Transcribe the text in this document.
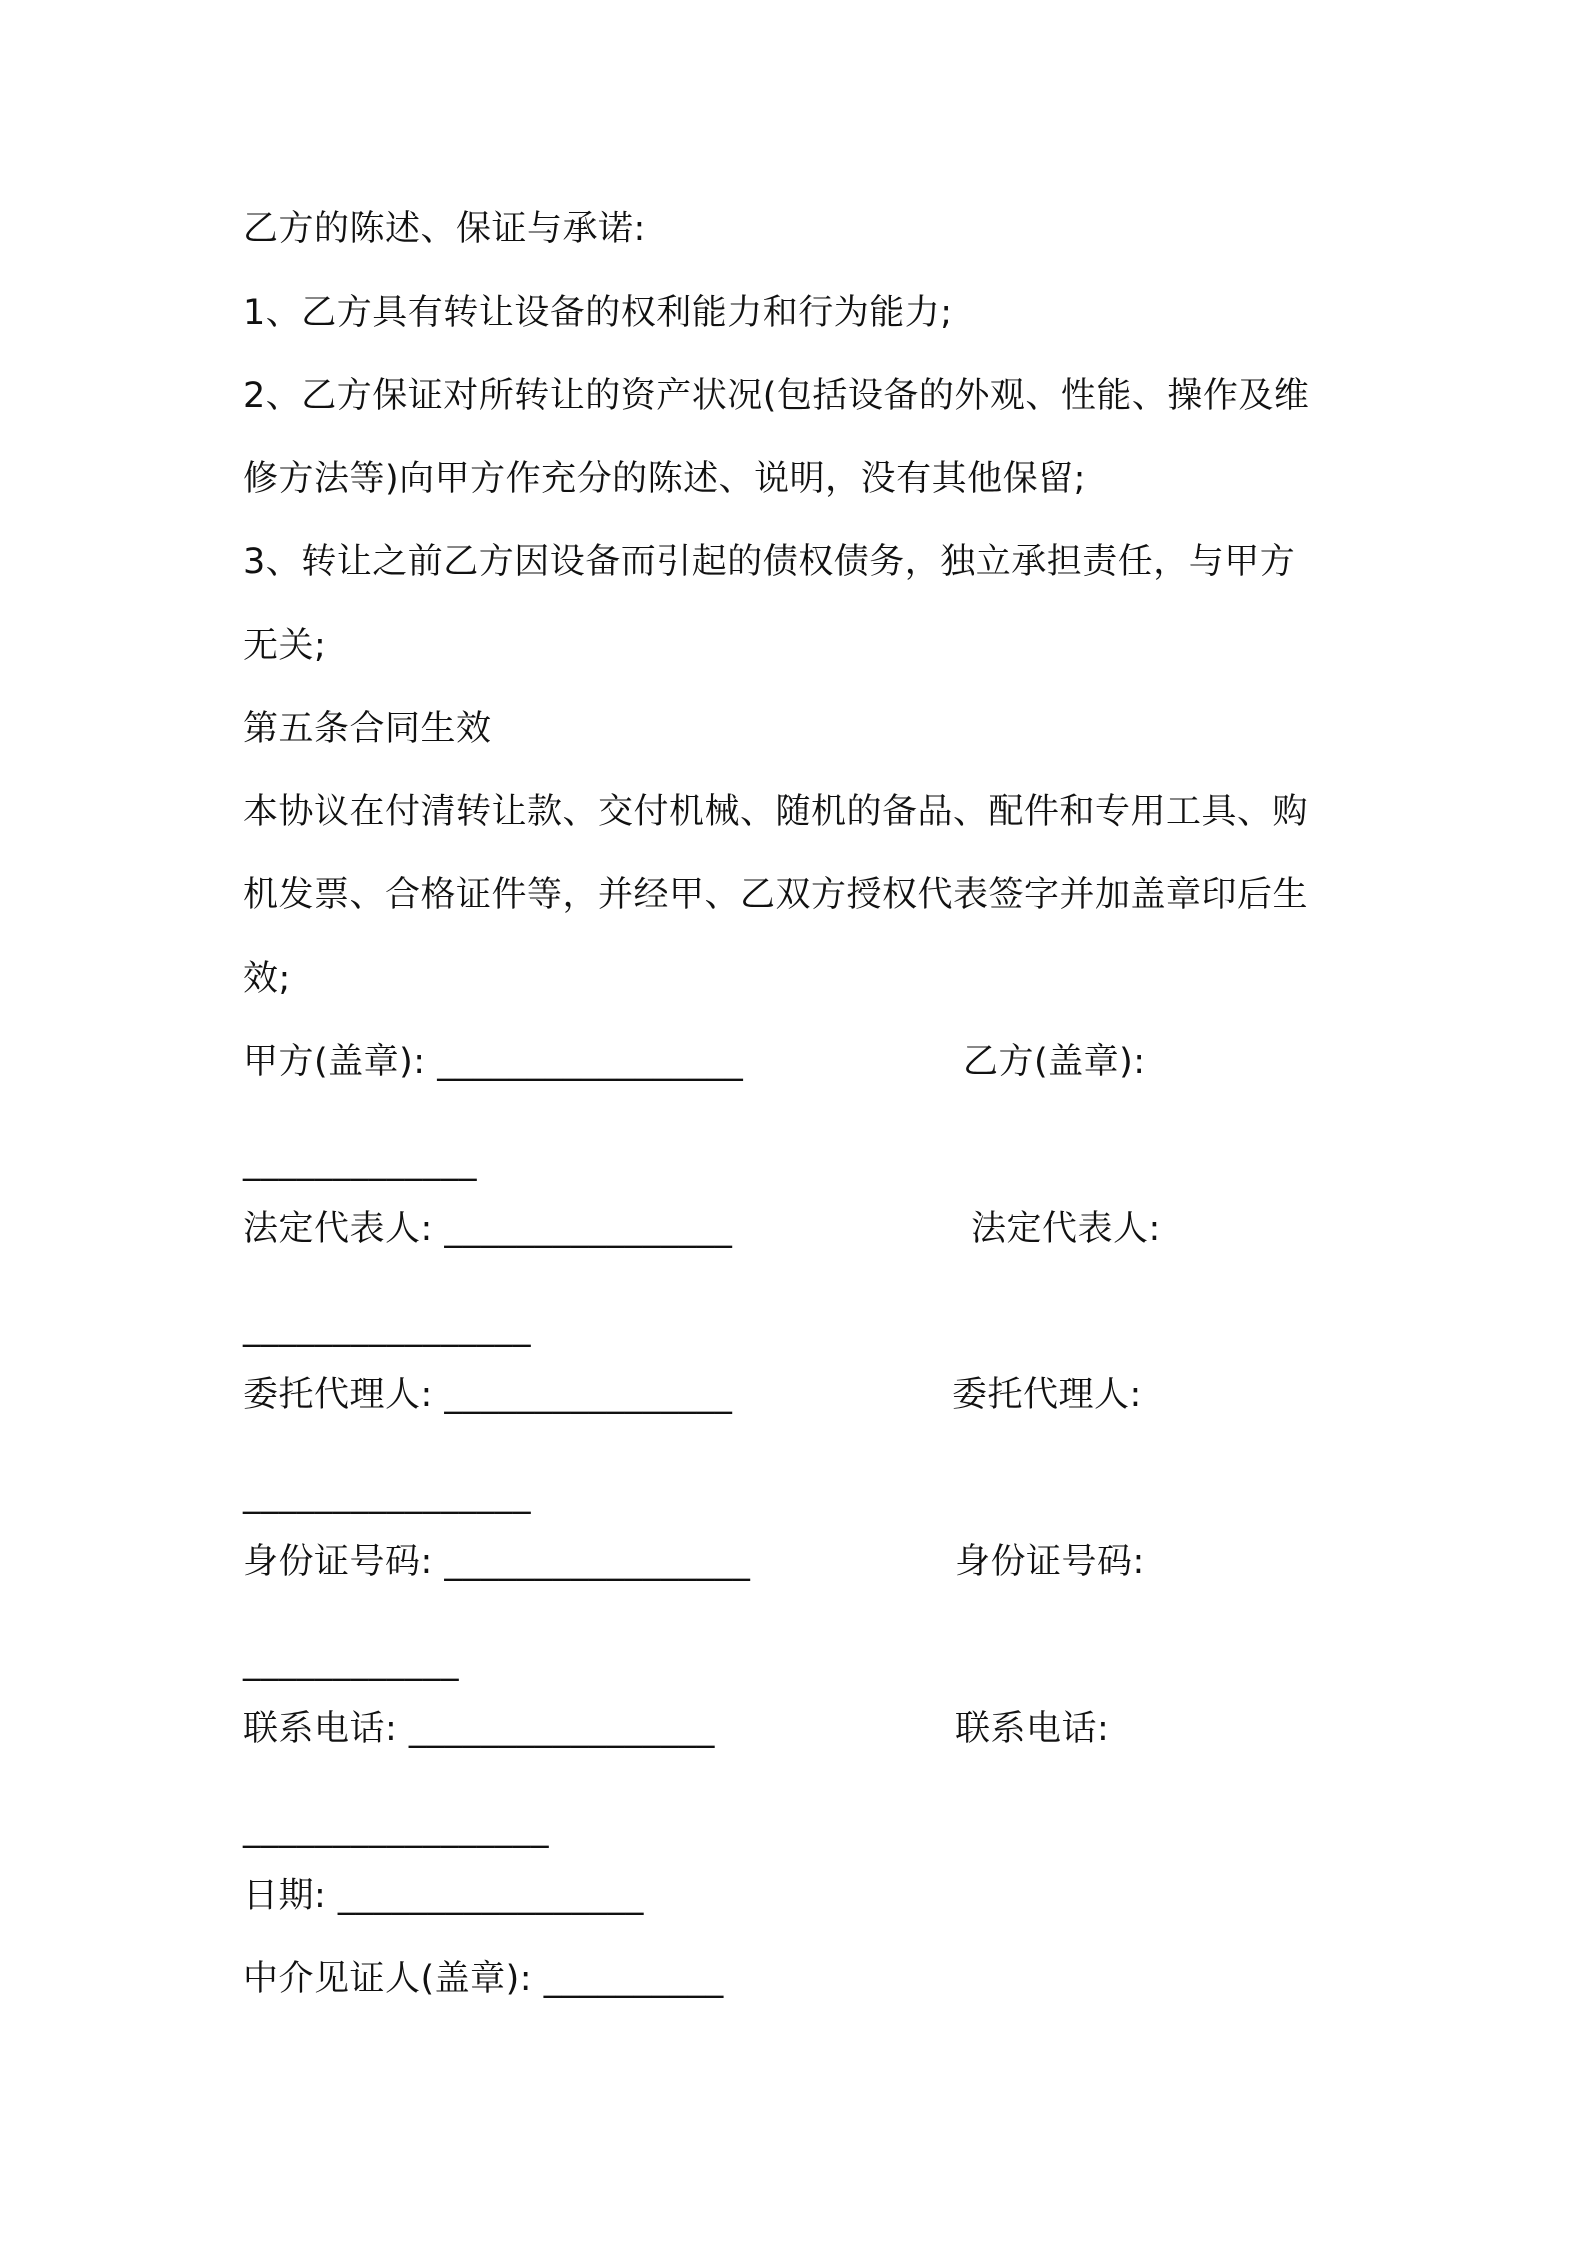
乙方的陈述、保证与承诺:
1、乙方具有转让设备的权利能力和行为能力;
2、乙方保证对所转让的资产状况(包括设备的外观、性能、操作及维
修方法等)向甲方作充分的陈述、说明，没有其他保留;
3、转让之前乙方因设备而引起的债权债务，独立承担责任，与甲方
无关;
第五条合同生效
本协议在付清转让款、交付机械、随机的备品、配件和专用工具、购
机发票、合格证件等，并经甲、乙双方授权代表签字并加盖章印后生
效;
甲方(盖章): _________________	乙方(盖章):
_____________
法定代表人: ________________	法定代表人:
________________
委托代理人: ________________	委托代理人:
________________
身份证号码: _________________	身份证号码:
____________
联系电话: _________________	联系电话:
_________________
日期: _________________
中介见证人(盖章): __________
